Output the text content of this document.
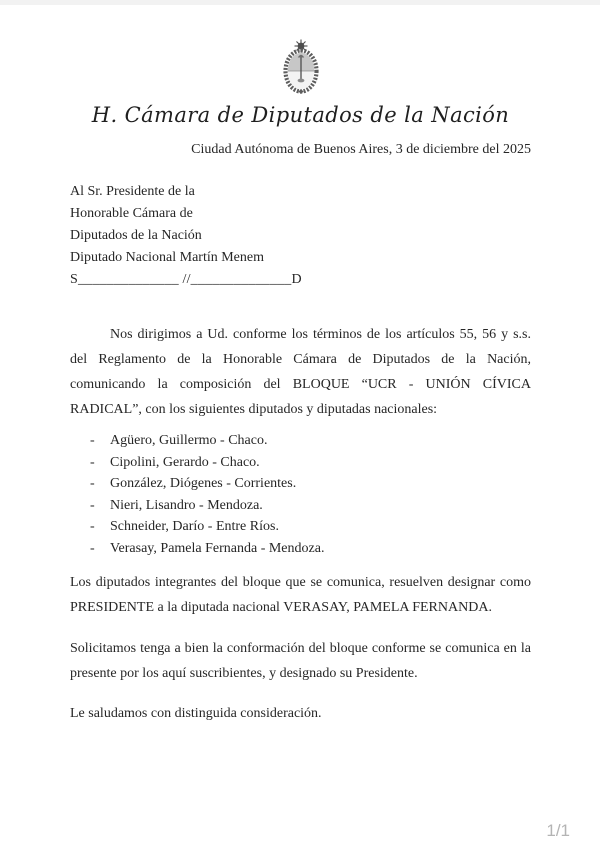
H. Cámara de Diputados de la Nación
Ciudad Autónoma de Buenos Aires, 3 de diciembre del 2025
Al Sr. Presidente de la
Honorable Cámara de
Diputados de la Nación
Diputado Nacional Martín Menem
S______________ //______________D

Nos dirigimos a Ud. conforme los términos de los artículos 55, 56 y s.s. del Reglamento de la Honorable Cámara de Diputados de la Nación, comunicando la composición del BLOQUE “UCR - UNIÓN CÍVICA RADICAL”, con los siguientes diputados y diputadas nacionales:

-	Agüero, Guillermo - Chaco.
-	Cipolini, Gerardo - Chaco.
-	González, Diógenes - Corrientes.
-	Nieri, Lisandro - Mendoza.
-	Schneider, Darío - Entre Ríos.
-	Verasay, Pamela Fernanda - Mendoza.

Los diputados integrantes del bloque que se comunica, resuelven designar como PRESIDENTE a la diputada nacional VERASAY, PAMELA FERNANDA.

Solicitamos tenga a bien la conformación del bloque conforme se comunica en la presente por los aquí suscribientes, y designado su Presidente.

Le saludamos con distinguida consideración.

1/1
